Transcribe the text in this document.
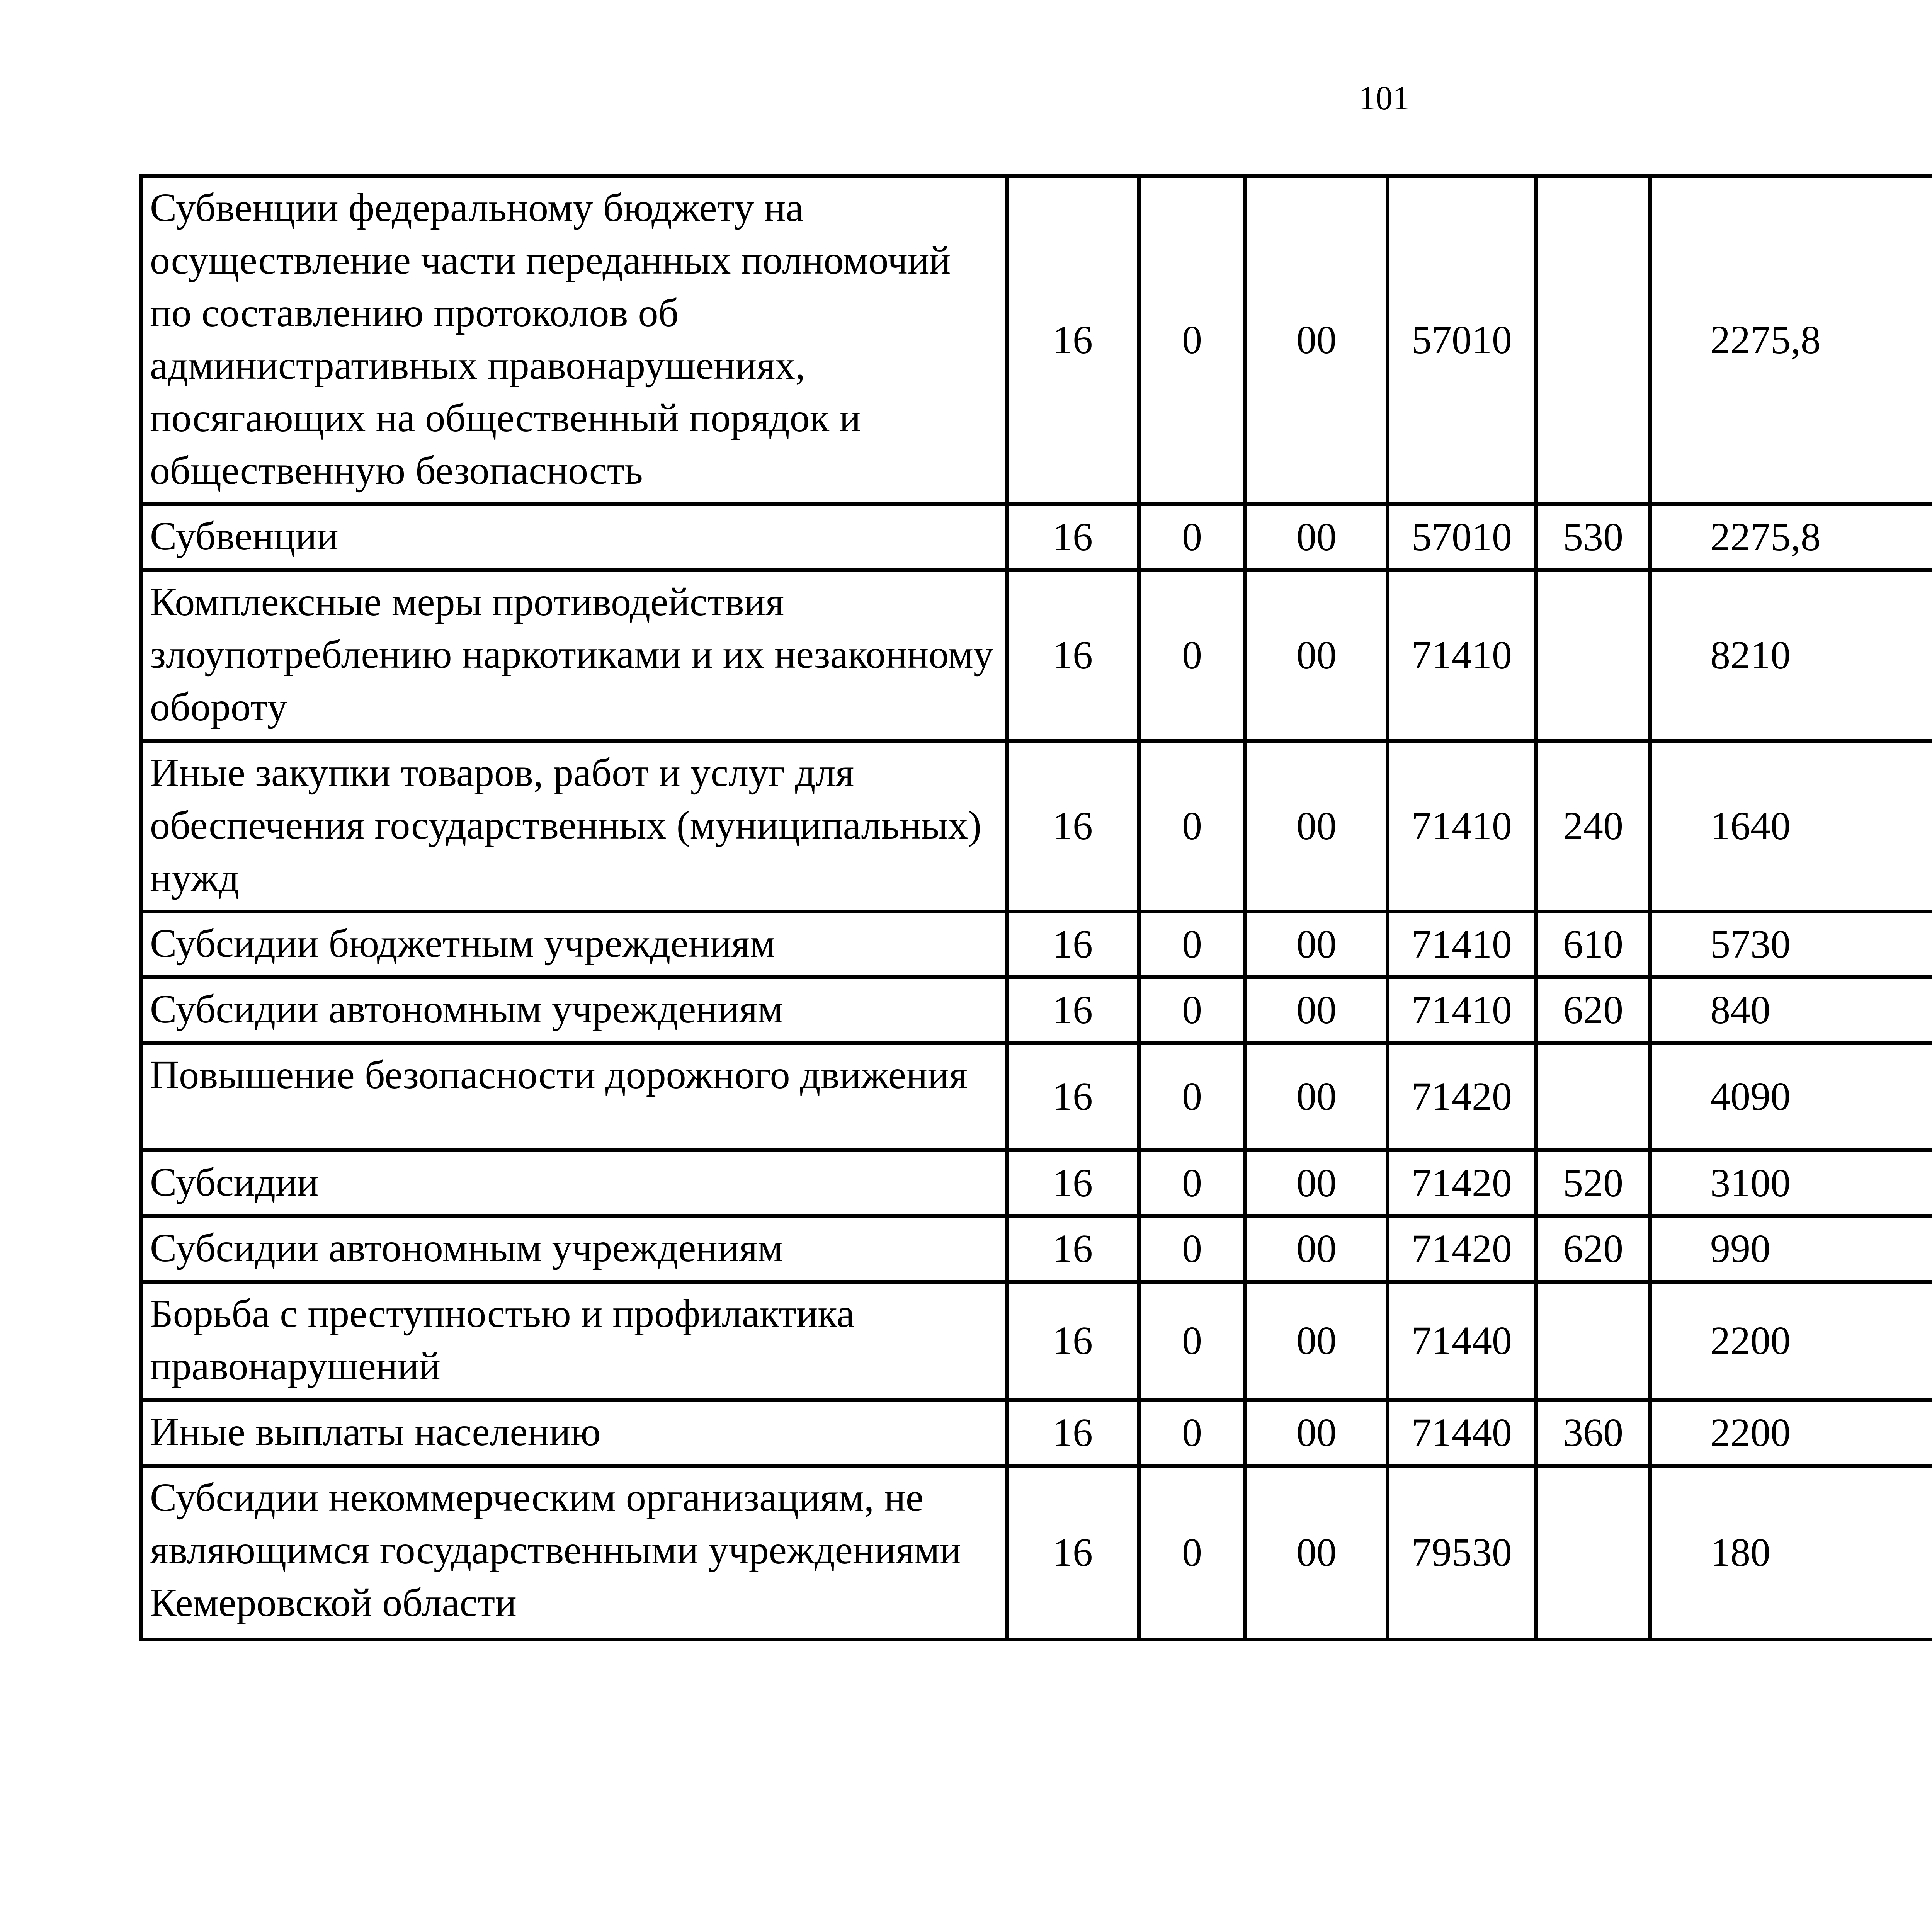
101
Субвенции федеральному бюджету на осуществление части переданных полномочий по составлению протоколов об административных правонарушениях, посягающих на общественный порядок и общественную безопасность	16	0	00	57010		2275,8		
Субвенции	16	0	00	57010	530	2275,8		
Комплексные меры противодействия злоупотреблению наркотиками и их незаконному обороту	16	0	00	71410		8210		
Иные закупки товаров, работ и услуг для обеспечения государственных (муниципальных) нужд	16	0	00	71410	240	1640		
Субсидии бюджетным учреждениям	16	0	00	71410	610	5730		
Субсидии автономным учреждениям	16	0	00	71410	620	840		
Повышение безопасности дорожного движения	16	0	00	71420		4090		
Субсидии	16	0	00	71420	520	3100		
Субсидии автономным учреждениям	16	0	00	71420	620	990		
Борьба с преступностью и профилактика правонарушений	16	0	00	71440		2200		
Иные выплаты населению	16	0	00	71440	360	2200		
Субсидии некоммерческим организациям, не являющимся государственными учреждениями Кемеровской области	16	0	00	79530		180		
